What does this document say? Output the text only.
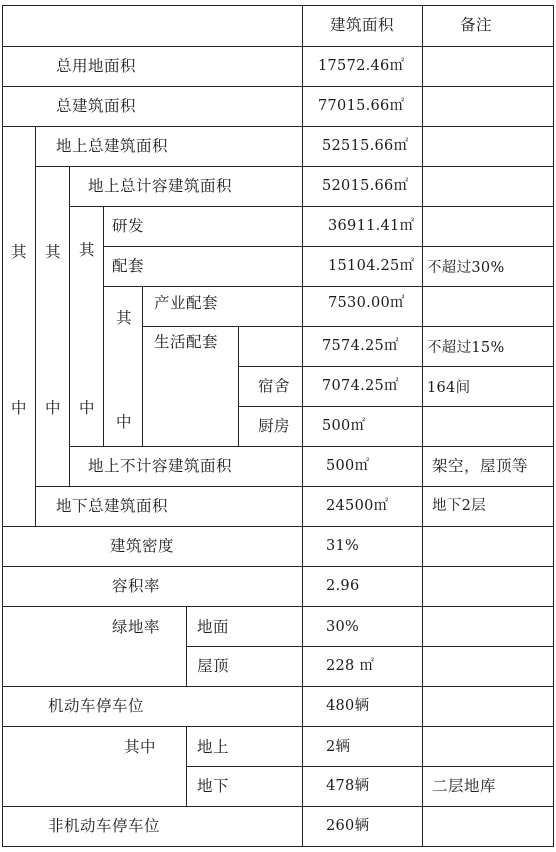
建筑面积	备注
其
中
其
中
其
中
其
中
总用地面积
总建筑面积
地上总建筑面积
地上总计容建筑面积
研发
配套
产业配套
生活配套
宿舍
厨房
地上不计容建筑面积
地下总建筑面积
建筑密度
容积率
绿地率 地面
屋顶
机动车停车位
其中	地上
地下
非机动车停车位
17572.46㎡
77015.66㎡
52515.66㎡
52015.66㎡
36911.41㎡
15104.25㎡
7530.00㎡
7574.25㎡
7074.25㎡
500㎡
500㎡
24500㎡
31%
2.96
30%
228 ㎡
480辆
2辆
478辆
260辆
不超过30%
不超过15%
164间
架空，屋顶等
地下2层
二层地库
